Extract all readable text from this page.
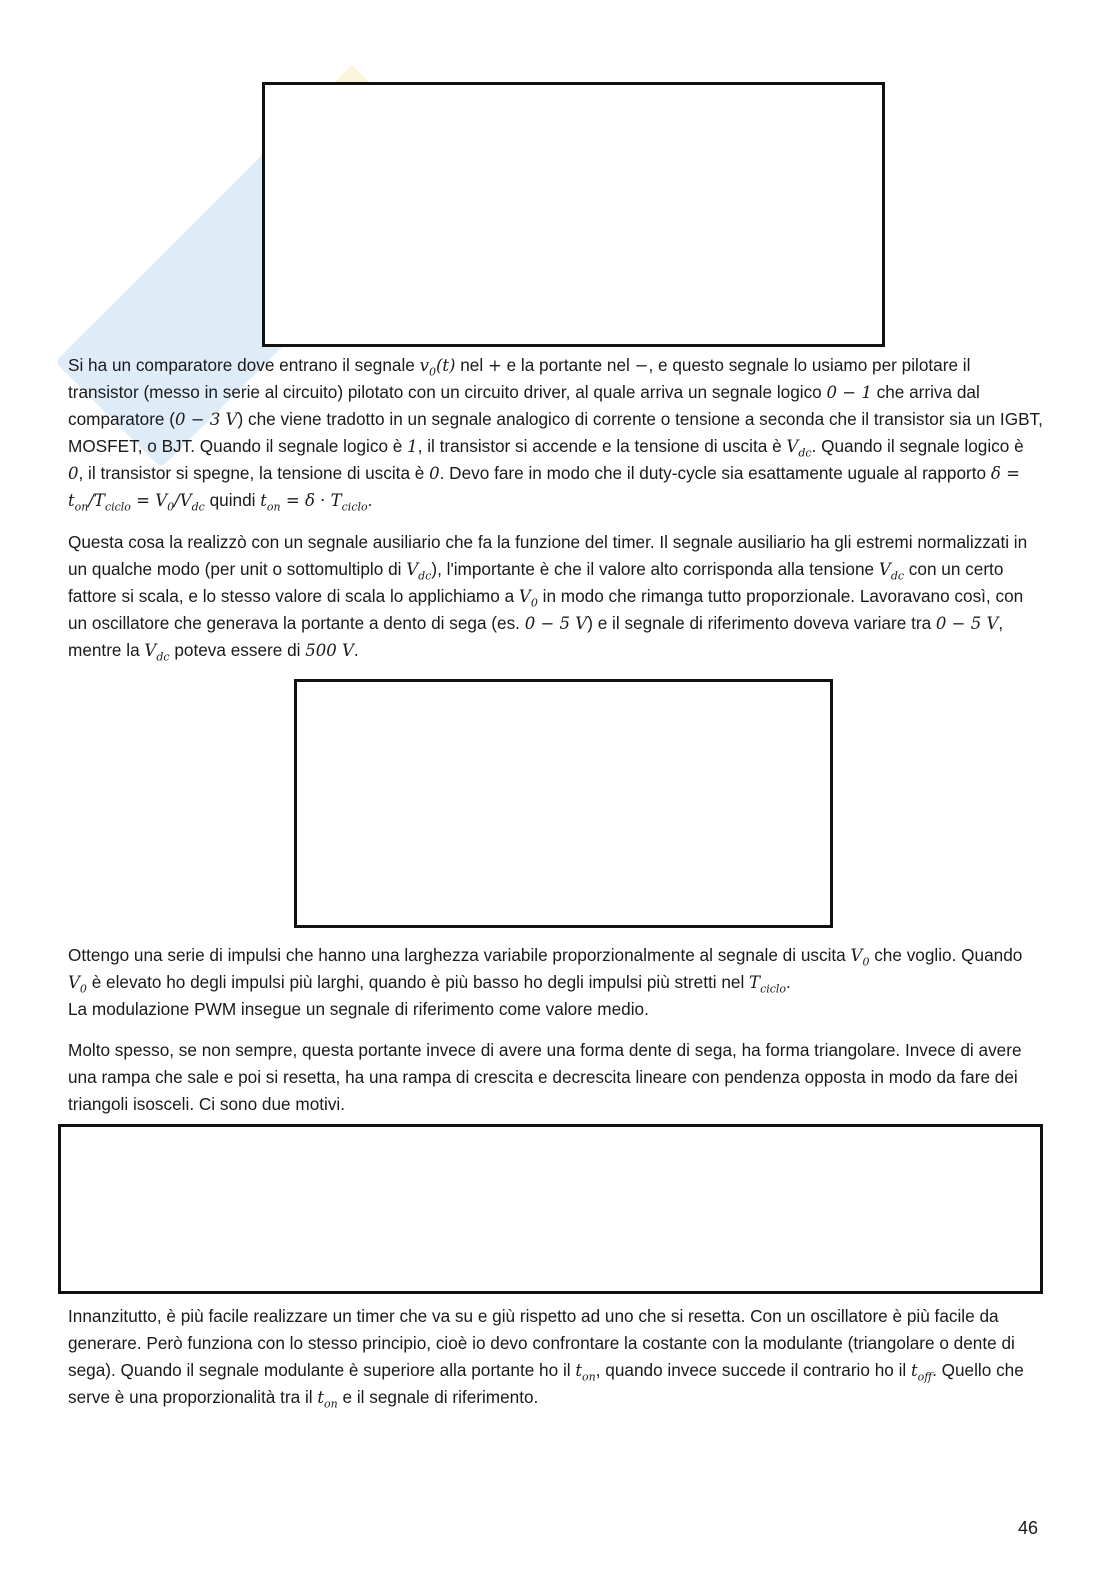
Si ha un comparatore dove entrano il segnale $v_0(t)$ nel + e la portante nel −, e questo segnale lo usiamo per pilotare il transistor (messo in serie al circuito) pilotato con un circuito driver, al quale arriva un segnale logico 0 − 1 che arriva dal comparatore (0 − 3 V) che viene tradotto in un segnale analogico di corrente o tensione a seconda che il transistor sia un IGBT, MOSFET, o BJT. Quando il segnale logico è 1, il transistor si accende e la tensione di uscita è $V_{dc}$. Quando il segnale logico è 0, il transistor si spegne, la tensione di uscita è 0. Devo fare in modo che il duty-cycle sia esattamente uguale al rapporto $\delta = t_{on}/T_{ciclo} = V_0/V_{dc}$ quindi $t_{on} = \delta \cdot T_{ciclo}$.

Questa cosa la realizzò con un segnale ausiliario che fa la funzione del timer. Il segnale ausiliario ha gli estremi normalizzati in un qualche modo (per unit o sottomultiplo di $V_{dc}$), l'importante è che il valore alto corrisponda alla tensione $V_{dc}$ con un certo fattore si scala, e lo stesso valore di scala lo applichiamo a $V_0$ in modo che rimanga tutto proporzionale. Lavoravano così, con un oscillatore che generava la portante a dento di sega (es. 0 − 5 V) e il segnale di riferimento doveva variare tra 0 − 5 V, mentre la $V_{dc}$ poteva essere di 500 V.

Ottengo una serie di impulsi che hanno una larghezza variabile proporzionalmente al segnale di uscita $V_0$ che voglio. Quando $V_0$ è elevato ho degli impulsi più larghi, quando è più basso ho degli impulsi più stretti nel $T_{ciclo}$.
La modulazione PWM insegue un segnale di riferimento come valore medio.

Molto spesso, se non sempre, questa portante invece di avere una forma dente di sega, ha forma triangolare. Invece di avere una rampa che sale e poi si resetta, ha una rampa di crescita e decrescita lineare con pendenza opposta in modo da fare dei triangoli isosceli. Ci sono due motivi.

Innanzitutto, è più facile realizzare un timer che va su e giù rispetto ad uno che si resetta. Con un oscillatore è più facile da generare. Però funziona con lo stesso principio, cioè io devo confrontare la costante con la modulante (triangolare o dente di sega). Quando il segnale modulante è superiore alla portante ho il $t_{on}$, quando invece succede il contrario ho il $t_{off}$. Quello che serve è una proporzionalità tra il $t_{on}$ e il segnale di riferimento.

46
